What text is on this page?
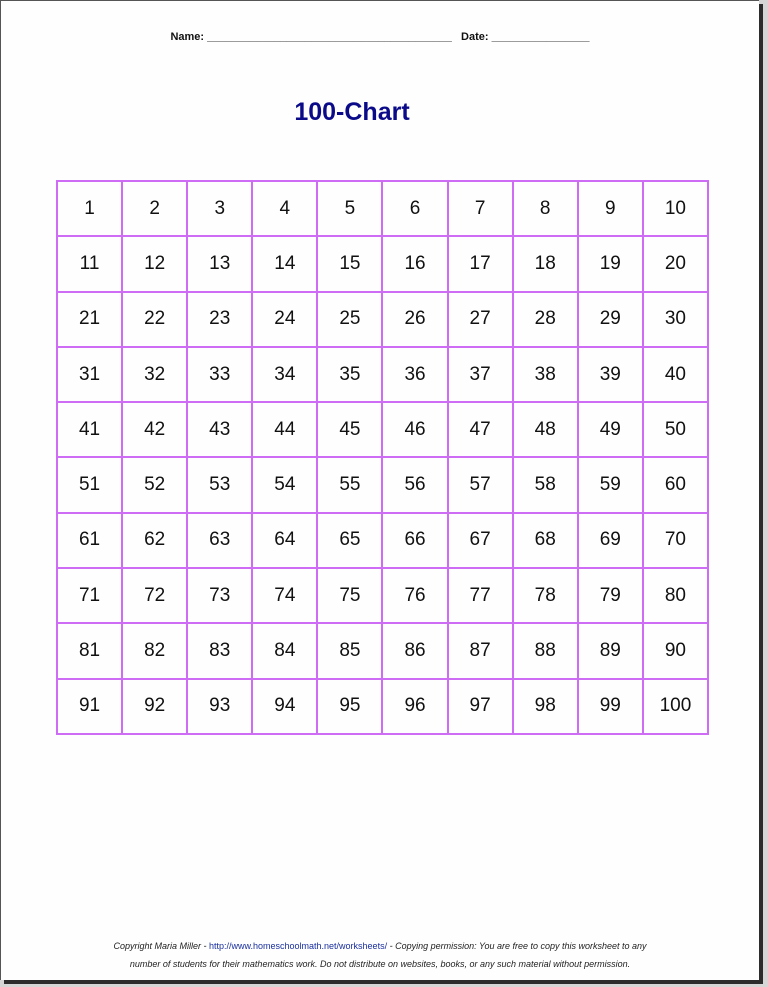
Name: ________________________________________ Date: ________________
100-Chart
1	2	3	4	5	6	7	8	9	10
11	12	13	14	15	16	17	18	19	20
21	22	23	24	25	26	27	28	29	30
31	32	33	34	35	36	37	38	39	40
41	42	43	44	45	46	47	48	49	50
51	52	53	54	55	56	57	58	59	60
61	62	63	64	65	66	67	68	69	70
71	72	73	74	75	76	77	78	79	80
81	82	83	84	85	86	87	88	89	90
91	92	93	94	95	96	97	98	99	100
Copyright Maria Miller - http://www.homeschoolmath.net/worksheets/ - Copying permission: You are free to copy this worksheet to any
number of students for their mathematics work. Do not distribute on websites, books, or any such material without permission.
